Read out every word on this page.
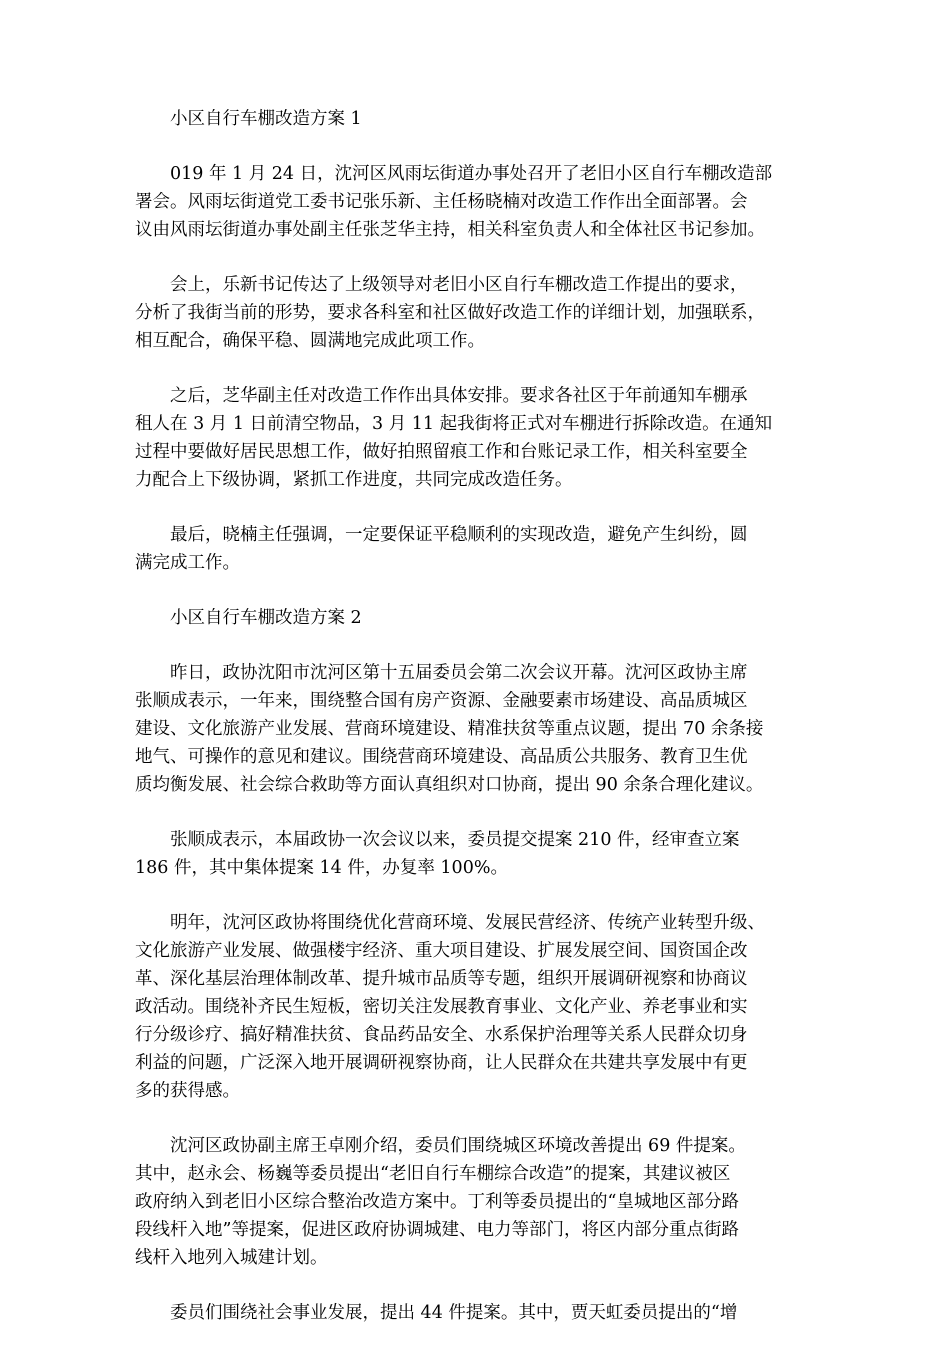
小区自行车棚改造方案 1
019 年 1 月 24 日，沈河区风雨坛街道办事处召开了老旧小区自行车棚改造部
署会。风雨坛街道党工委书记张乐新、主任杨晓楠对改造工作作出全面部署。会
议由风雨坛街道办事处副主任张芝华主持，相关科室负责人和全体社区书记参加。
会上，乐新书记传达了上级领导对老旧小区自行车棚改造工作提出的要求，
分析了我街当前的形势，要求各科室和社区做好改造工作的详细计划，加强联系，
相互配合，确保平稳、圆满地完成此项工作。
之后，芝华副主任对改造工作作出具体安排。要求各社区于年前通知车棚承
租人在 3 月 1 日前清空物品，3 月 11 起我街将正式对车棚进行拆除改造。在通知
过程中要做好居民思想工作，做好拍照留痕工作和台账记录工作，相关科室要全
力配合上下级协调，紧抓工作进度，共同完成改造任务。
最后，晓楠主任强调，一定要保证平稳顺利的实现改造，避免产生纠纷，圆
满完成工作。
小区自行车棚改造方案 2
昨日，政协沈阳市沈河区第十五届委员会第二次会议开幕。沈河区政协主席
张顺成表示，一年来，围绕整合国有房产资源、金融要素市场建设、高品质城区
建设、文化旅游产业发展、营商环境建设、精准扶贫等重点议题，提出 70 余条接
地气、可操作的意见和建议。围绕营商环境建设、高品质公共服务、教育卫生优
质均衡发展、社会综合救助等方面认真组织对口协商，提出 90 余条合理化建议。
张顺成表示，本届政协一次会议以来，委员提交提案 210 件，经审查立案
186 件，其中集体提案 14 件，办复率 100%。
明年，沈河区政协将围绕优化营商环境、发展民营经济、传统产业转型升级、
文化旅游产业发展、做强楼宇经济、重大项目建设、扩展发展空间、国资国企改
革、深化基层治理体制改革、提升城市品质等专题，组织开展调研视察和协商议
政活动。围绕补齐民生短板，密切关注发展教育事业、文化产业、养老事业和实
行分级诊疗、搞好精准扶贫、食品药品安全、水系保护治理等关系人民群众切身
利益的问题，广泛深入地开展调研视察协商，让人民群众在共建共享发展中有更
多的获得感。
沈河区政协副主席王卓刚介绍，委员们围绕城区环境改善提出 69 件提案。
其中，赵永会、杨巍等委员提出“老旧自行车棚综合改造”的提案，其建议被区
政府纳入到老旧小区综合整治改造方案中。丁利等委员提出的“皇城地区部分路
段线杆入地”等提案，促进区政府协调城建、电力等部门，将区内部分重点街路
线杆入地列入城建计划。
委员们围绕社会事业发展，提出 44 件提案。其中，贾天虹委员提出的“增
